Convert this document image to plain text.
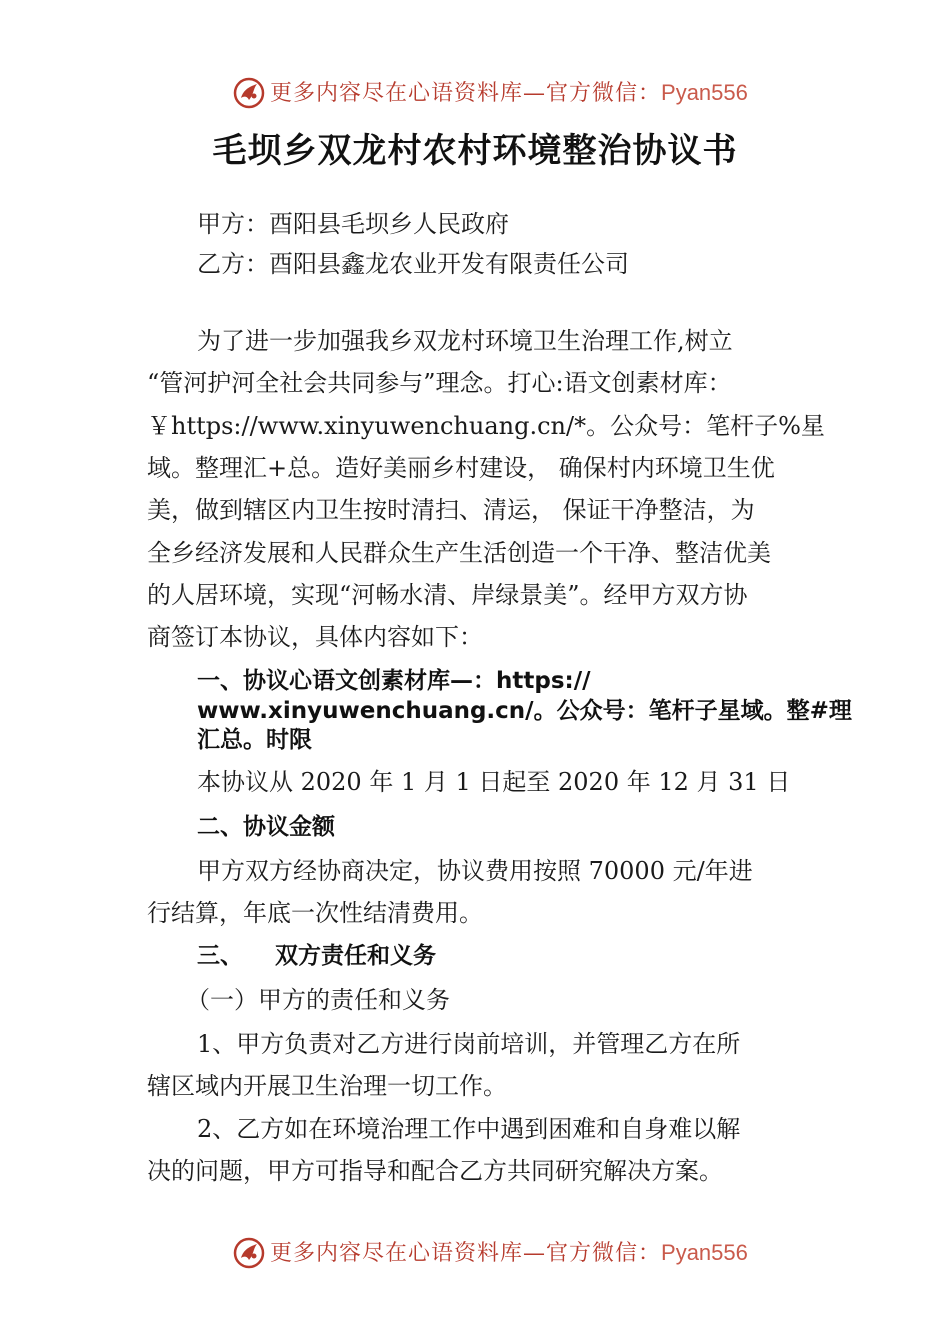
更多内容尽在心语资料库—官方微信：Pyan556
毛坝乡双龙村农村环境整治协议书
甲方：酉阳县毛坝乡人民政府
乙方：酉阳县鑫龙农业开发有限责任公司
为了进一步加强我乡双龙村环境卫生治理工作,树立
“管河护河全社会共同参与”理念。打心:语文创素材库：
￥https://www.xinyuwenchuang.cn/*。公众号：笔杆子%星
域。整理汇+总。造好美丽乡村建设， 确保村内环境卫生优
美，做到辖区内卫生按时清扫、清运， 保证干净整洁，为
全乡经济发展和人民群众生产生活创造一个干净、整洁优美
的人居环境，实现“河畅水清、岸绿景美”。经甲方双方协
商签订本协议，具体内容如下：
一、协议心语文创素材库—：https://
www.xinyuwenchuang.cn/。公众号：笔杆子星域。整#理
汇总。时限
本协议从 2020 年 1 月 1 日起至 2020 年 12 月 31 日
二、协议金额
甲方双方经协商决定，协议费用按照 70000 元/年进
行结算，年底一次性结清费用。
三、    双方责任和义务
（一）甲方的责任和义务
1、甲方负责对乙方进行岗前培训，并管理乙方在所
辖区域内开展卫生治理一切工作。
2、乙方如在环境治理工作中遇到困难和自身难以解
决的问题，甲方可指导和配合乙方共同研究解决方案。
更多内容尽在心语资料库—官方微信：Pyan556
